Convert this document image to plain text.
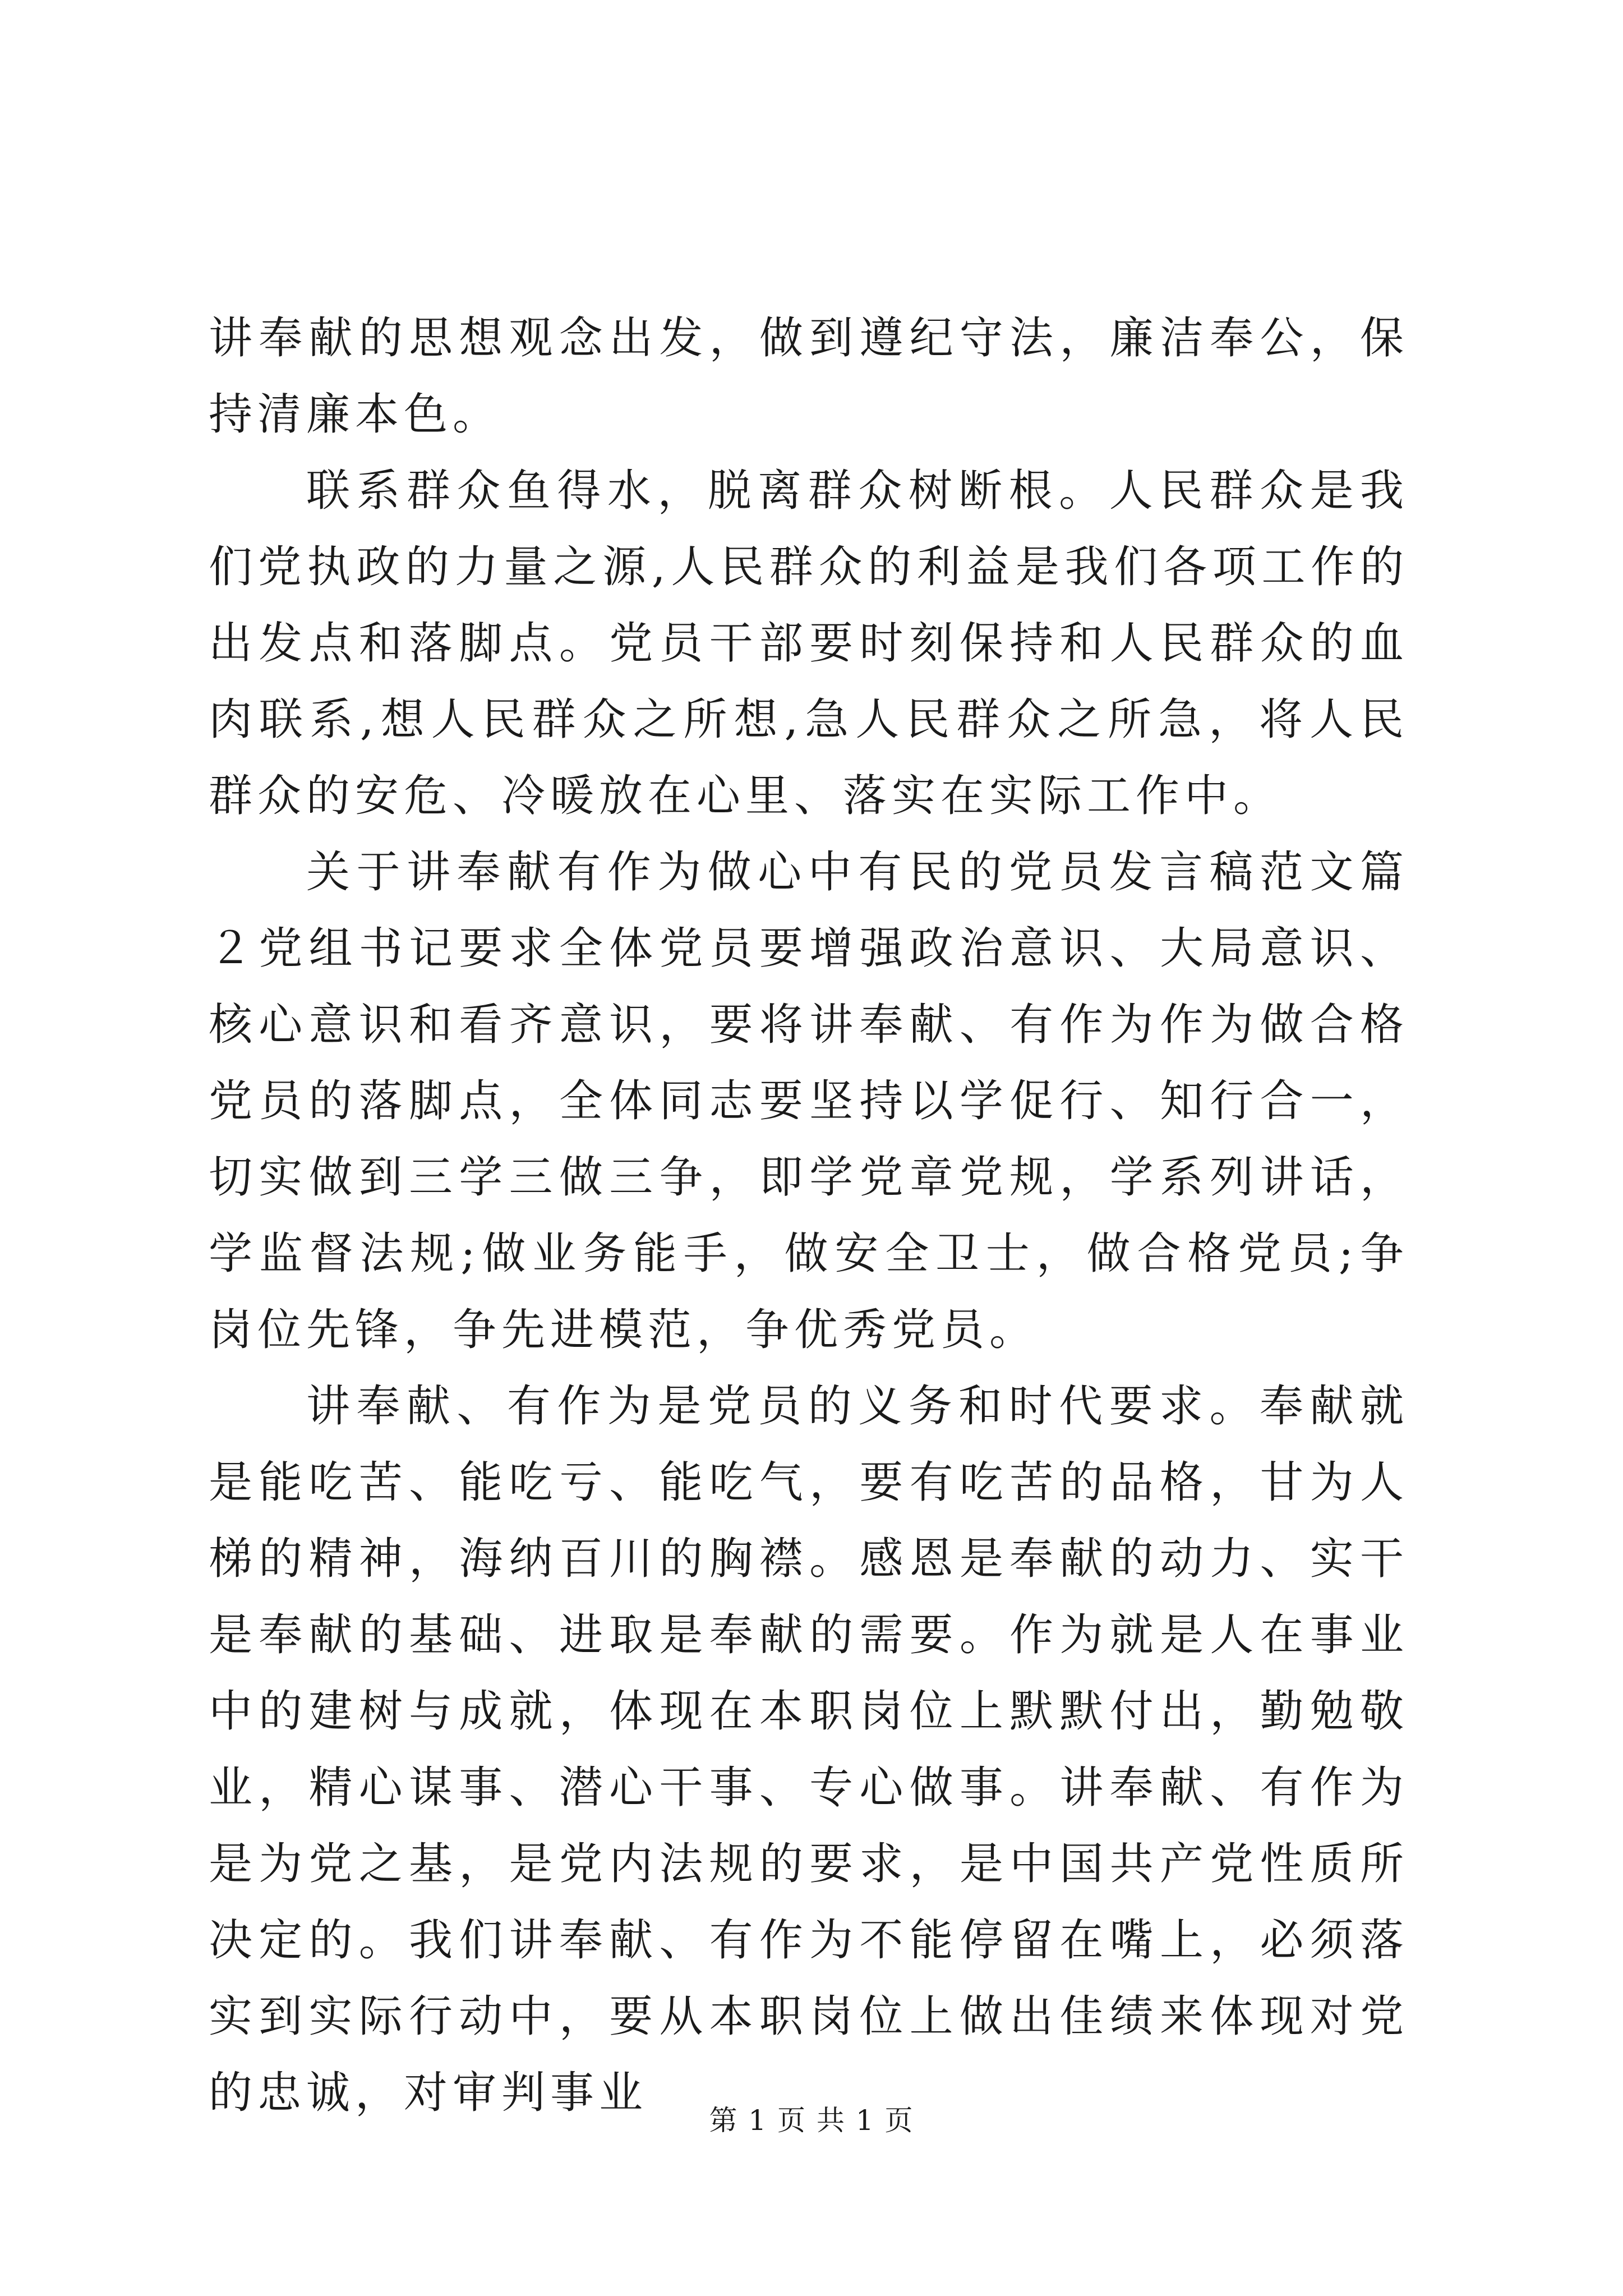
讲奉献的思想观念出发，做到遵纪守法，廉洁奉公，保持清廉本色。

联系群众鱼得水，脱离群众树断根。人民群众是我们党执政的力量之源,人民群众的利益是我们各项工作的出发点和落脚点。党员干部要时刻保持和人民群众的血肉联系,想人民群众之所想,急人民群众之所急，将人民群众的安危、冷暖放在心里、落实在实际工作中。

关于讲奉献有作为做心中有民的党员发言稿范文篇２党组书记要求全体党员要增强政治意识、大局意识、核心意识和看齐意识，要将讲奉献、有作为作为做合格党员的落脚点，全体同志要坚持以学促行、知行合一，切实做到三学三做三争，即学党章党规，学系列讲话，学监督法规;做业务能手，做安全卫士，做合格党员;争岗位先锋，争先进模范，争优秀党员。

讲奉献、有作为是党员的义务和时代要求。奉献就是能吃苦、能吃亏、能吃气，要有吃苦的品格，甘为人梯的精神，海纳百川的胸襟。感恩是奉献的动力、实干是奉献的基础、进取是奉献的需要。作为就是人在事业中的建树与成就，体现在本职岗位上默默付出，勤勉敬业，精心谋事、潜心干事、专心做事。讲奉献、有作为是为党之基，是党内法规的要求，是中国共产党性质所决定的。我们讲奉献、有作为不能停留在嘴上，必须落实到实际行动中，要从本职岗位上做出佳绩来体现对党的忠诚，对审判事业

第 1 页 共 1 页
